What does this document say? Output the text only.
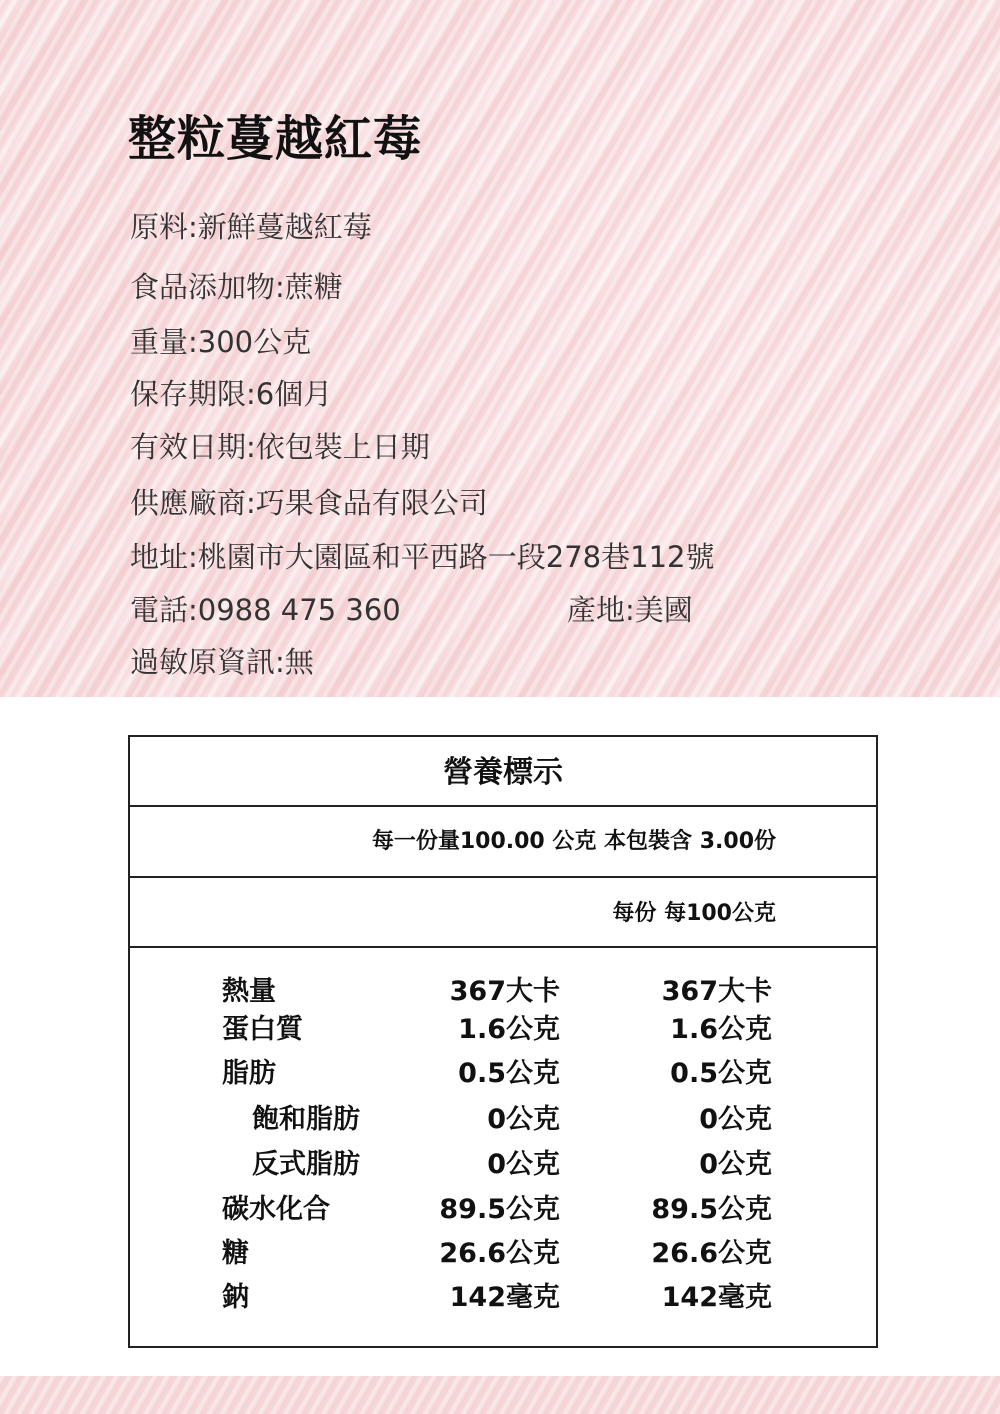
整粒蔓越紅莓

原料:新鮮蔓越紅莓

食品添加物:蔗糖

重量:300公克

保存期限:6個月

有效日期:依包裝上日期

供應廠商:巧果食品有限公司

地址:桃園市大園區和平西路一段278巷112號

電話:0988 475 360	產地:美國

過敏原資訊:無

營養標示
每一份量100.00 公克 本包裝含 3.00份
每份 每100公克
熱量	367大卡	367大卡
蛋白質	1.6公克	1.6公克
脂肪	0.5公克	0.5公克
飽和脂肪	0公克	0公克
反式脂肪	0公克	0公克
碳水化合	89.5公克	89.5公克
糖	26.6公克	26.6公克
鈉	142毫克	142毫克
